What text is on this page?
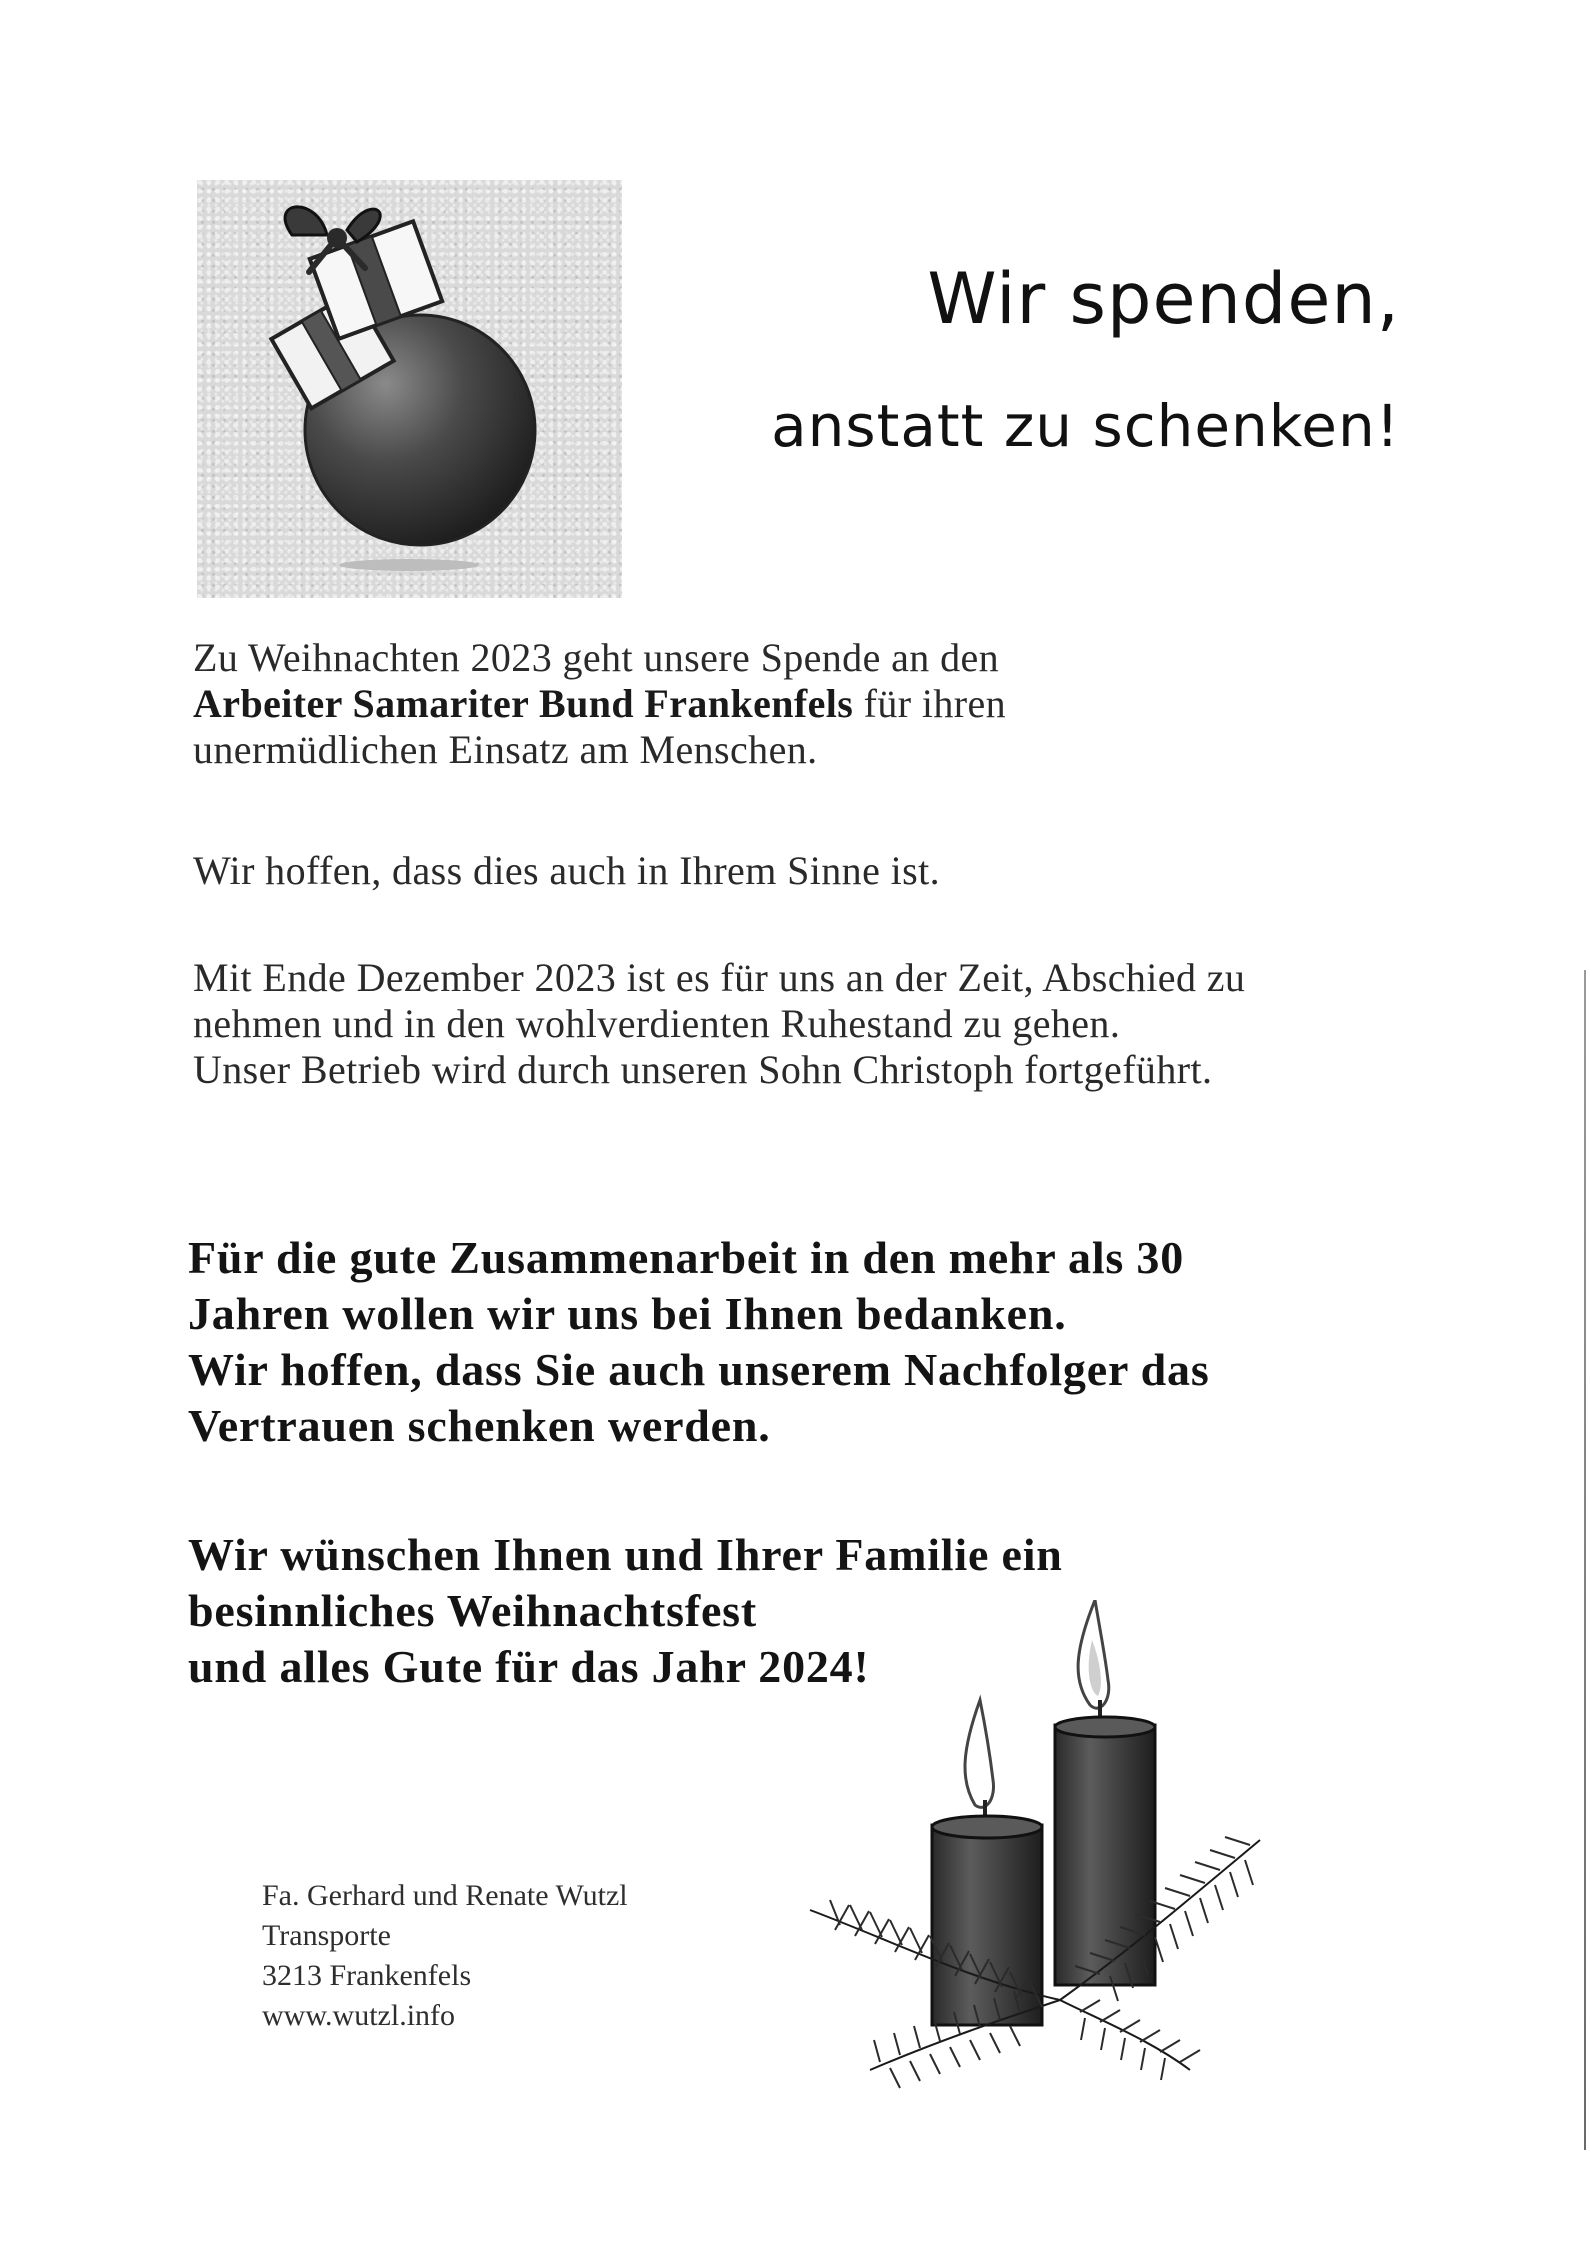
Wir spenden,
anstatt zu schenken!
Zu Weihnachten 2023 geht unsere Spende an den
Arbeiter Samariter Bund Frankenfels für ihren
unermüdlichen Einsatz am Menschen.
Wir hoffen, dass dies auch in Ihrem Sinne ist.
Mit Ende Dezember 2023 ist es für uns an der Zeit, Abschied zu
nehmen und in den wohlverdienten Ruhestand zu gehen.
Unser Betrieb wird durch unseren Sohn Christoph fortgeführt.
Für die gute Zusammenarbeit in den mehr als 30
Jahren wollen wir uns bei Ihnen bedanken.
Wir hoffen, dass Sie auch unserem Nachfolger das
Vertrauen schenken werden.
Wir wünschen Ihnen und Ihrer Familie ein
besinnliches Weihnachtsfest
und alles Gute für das Jahr 2024!
Fa. Gerhard und Renate Wutzl
Transporte
3213 Frankenfels
www.wutzl.info
